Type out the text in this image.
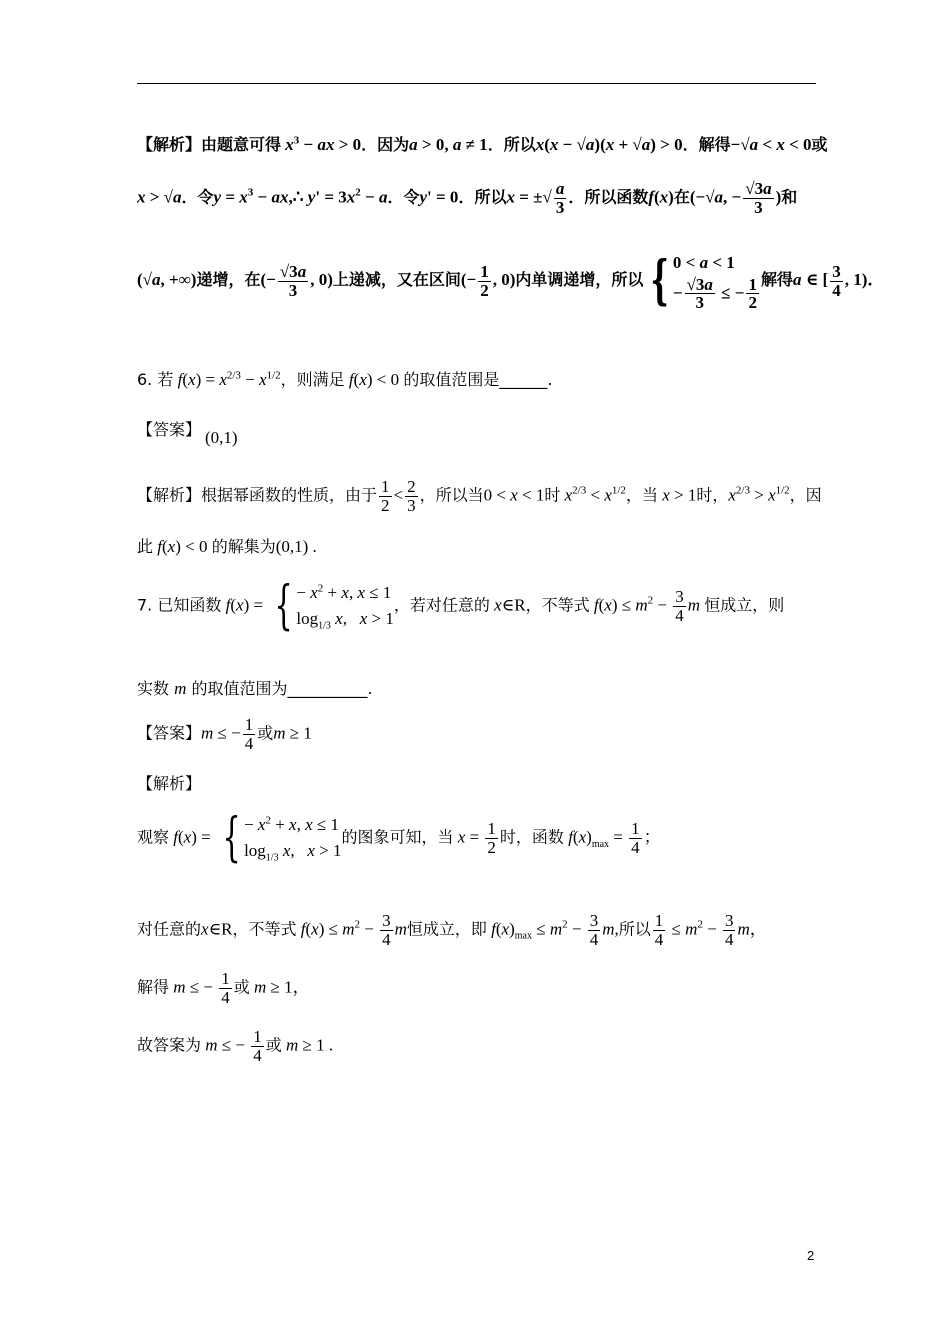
【解析】由题意可得 $x^3$ − ax > 0．因为a > 0, a ≠ 1．所以x(x − √a)(x + √a) > 0．解得−√a < x < 0或
x > √a．令$y = x^3$ − ax,∴ $y' = 3x^2 - a$．令y' = 0．所以x = ±√ $\frac{a}{3}$ ．所以函数f(x)在(−√a, − $\frac{√3a}{3}$ )和
(√a, +∞)递增，在(− $\frac{√3a}{3}$ , 0)上递减，又在区间(− $\frac{1}{2}$ , 0)内单调递增，所以 { 0 < a < 1
− $\frac{√3a}{3}$ ≤ − $\frac{1}{2}$ 解得a ∈ [ $\frac{3}{4}$ , 1)．
6. 若 $f(x) = x^{2/3} - x^{1/2}$，则满足 f(x) < 0 的取值范围是______.
【答案】 (0,1)
【解析】根据幂函数的性质，由于 $\frac{1}{2} < \frac{2}{3}$ ，所以当0 < x < 1时 $x^{2/3} < x^{1/2}$，当 x > 1时，$x^{2/3} > x^{1/2}$，因
此 f(x) < 0 的解集为(0,1) .
7. 已知函数 f(x) = { − $x^2 + x$, x ≤ 1
$\log_{1/3} x$,   x > 1
，若对任意的 x∈R，不等式 $f(x) \le m^2 - \frac{3}{4}$ m 恒成立，则
实数 m 的取值范围为__________.
【答案】m ≤ − $\frac{1}{4}$ 或m ≥ 1
【解析】
观察 f(x) = { − $x^2 + x$, x ≤ 1
$\log_{1/3} x$,   x > 1
的图象可知，当 $x = \frac{1}{2}$ 时，函数 $f(x)_{max} = \frac{1}{4}$ ；
对任意的x∈R，不等式 $f(x) \le m^2 - \frac{3}{4}$ m恒成立，即 $f(x)_{max} \le m^2 - \frac{3}{4} m$,所以 $\frac{1}{4} \le m^2 - \frac{3}{4}$ m，
解得 m ≤ − $\frac{1}{4}$ 或 m ≥ 1，
故答案为 m ≤ − $\frac{1}{4}$ 或 m ≥ 1 .
2
